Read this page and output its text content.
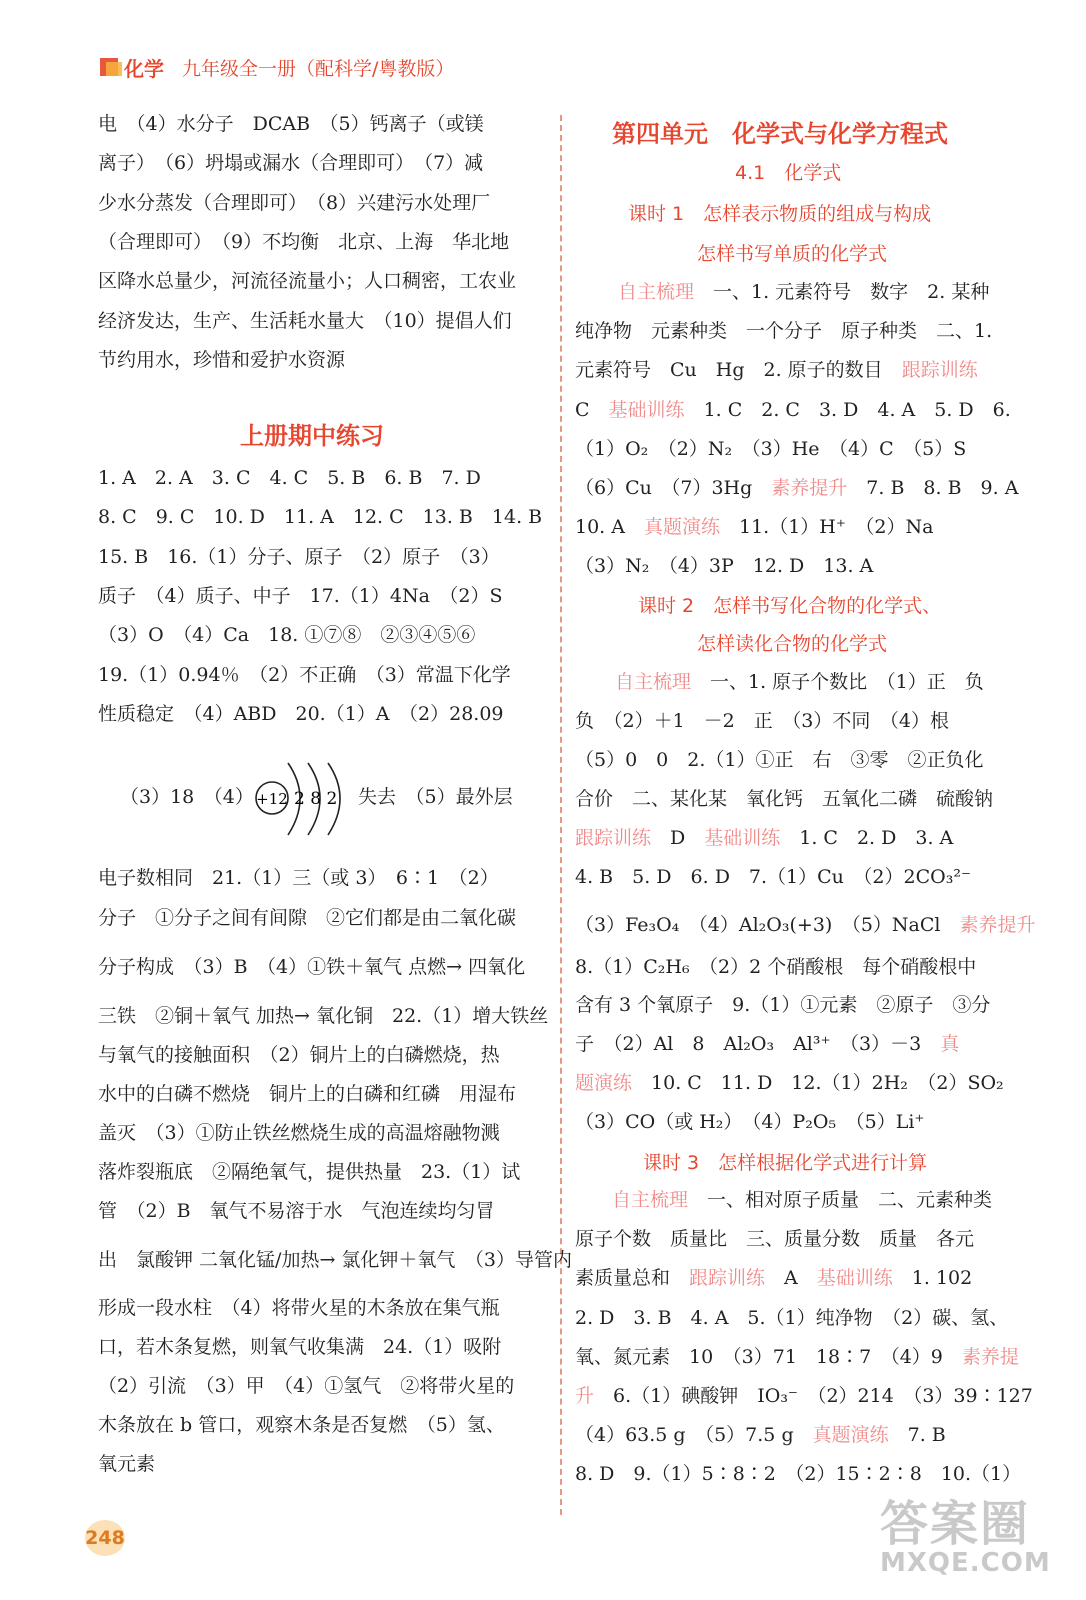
化学 九年级全一册（配科学/粤教版）
248	答案圈
MXQE.COM
电　（4）水分子　DCAB　（5）钙离子（或镁
离子）　（6）坍塌或漏水（合理即可）　（7）减
少水分蒸发（合理即可）　（8）兴建污水处理厂
（合理即可）　（9）不均衡　北京、上海　华北地
区降水总量少，河流径流量小；人口稠密，工农业
经济发达，生产、生活耗水量大　（10）提倡人们
节约用水，珍惜和爱护水资源
上册期中练习
1. A　2. A　3. C　4. C　5. B　6. B　7. D
8. C　9. C　10. D　11. A　12. C　13. B　14. B
15. B　16.（1）分子、原子　（2）原子　（3）
质子　（4）质子、中子　17.（1）4Na　（2）S
（3）O　（4）Ca　18. ①⑦⑧　②③④⑤⑥
19.（1）0.94％　（2）不正确　（3）常温下化学
性质稳定　（4）ABD　20.（1）A　（2）28.09
（3）18　（4）	失去　（5）最外层
+12 2 8 2
电子数相同　21.（1）三（或 3）　6∶1　（2）
分子　①分子之间有间隙　②它们都是由二氧化碳
分子构成　（3）B　（4）①铁＋氧气 点燃→ 四氧化
三铁　②铜＋氧气 加热→ 氧化铜　22.（1）增大铁丝
与氧气的接触面积　（2）铜片上的白磷燃烧，热
水中的白磷不燃烧　铜片上的白磷和红磷　用湿布
盖灭　（3）①防止铁丝燃烧生成的高温熔融物溅
落炸裂瓶底　②隔绝氧气，提供热量　23.（1）试
管　（2）B　氧气不易溶于水　气泡连续均匀冒
出　氯酸钾 二氧化锰/加热→ 氯化钾＋氧气　（3）导管内
形成一段水柱　（4）将带火星的木条放在集气瓶
口，若木条复燃，则氧气收集满　24.（1）吸附
（2）引流　（3）甲　（4）①氢气　②将带火星的
木条放在 b 管口，观察木条是否复燃　（5）氢、
氧元素
第四单元　化学式与化学方程式
4.1　化学式
课时 1　怎样表示物质的组成与构成
怎样书写单质的化学式
自主梳理　一、1. 元素符号　数字　2. 某种
纯净物　元素种类　一个分子　原子种类　二、1.
元素符号　Cu　Hg　2. 原子的数目　跟踪训练
C　基础训练　1. C　2. C　3. D　4. A　5. D　6.
（1）O₂　（2）N₂　（3）He　（4）C　（5）S
（6）Cu　（7）3Hg　素养提升　7. B　8. B　9. A
10. A　真题演练　11.（1）H⁺　（2）Na
（3）N₂　（4）3P　12. D　13. A
课时 2　怎样书写化合物的化学式、
怎样读化合物的化学式
自主梳理　一、1. 原子个数比　（1）正　负
负　（2）＋1　－2　正　（3）不同　（4）根
（5）0　0　2.（1）①正　右　③零　②正负化
合价　二、某化某　氧化钙　五氧化二磷　硫酸钠
跟踪训练　D　基础训练　1. C　2. D　3. A
4. B　5. D　6. D　7.（1）Cu　（2）2CO₃²⁻
（3）Fe₃O₄　（4）Al₂O₃(+3)　（5）NaCl　素养提升
8.（1）C₂H₆　（2）2 个硝酸根　每个硝酸根中
含有 3 个氧原子　9.（1）①元素　②原子　③分
子　（2）Al　8　Al₂O₃　Al³⁺　（3）－3　真
题演练　10. C　11. D　12.（1）2H₂　（2）SO₂
（3）CO（或 H₂）　（4）P₂O₅　（5）Li⁺
课时 3　怎样根据化学式进行计算
自主梳理　一、相对原子质量　二、元素种类
原子个数　质量比　三、质量分数　质量　各元
素质量总和　跟踪训练　A　基础训练　1. 102
2. D　3. B　4. A　5.（1）纯净物　（2）碳、氢、
氧、氮元素　10　（3）71　18∶7　（4）9　素养提
升　6.（1）碘酸钾　IO₃⁻　（2）214　（3）39∶127
（4）63.5 g　（5）7.5 g　真题演练　7. B
8. D　9.（1）5∶8∶2　（2）15∶2∶8　10.（1）
